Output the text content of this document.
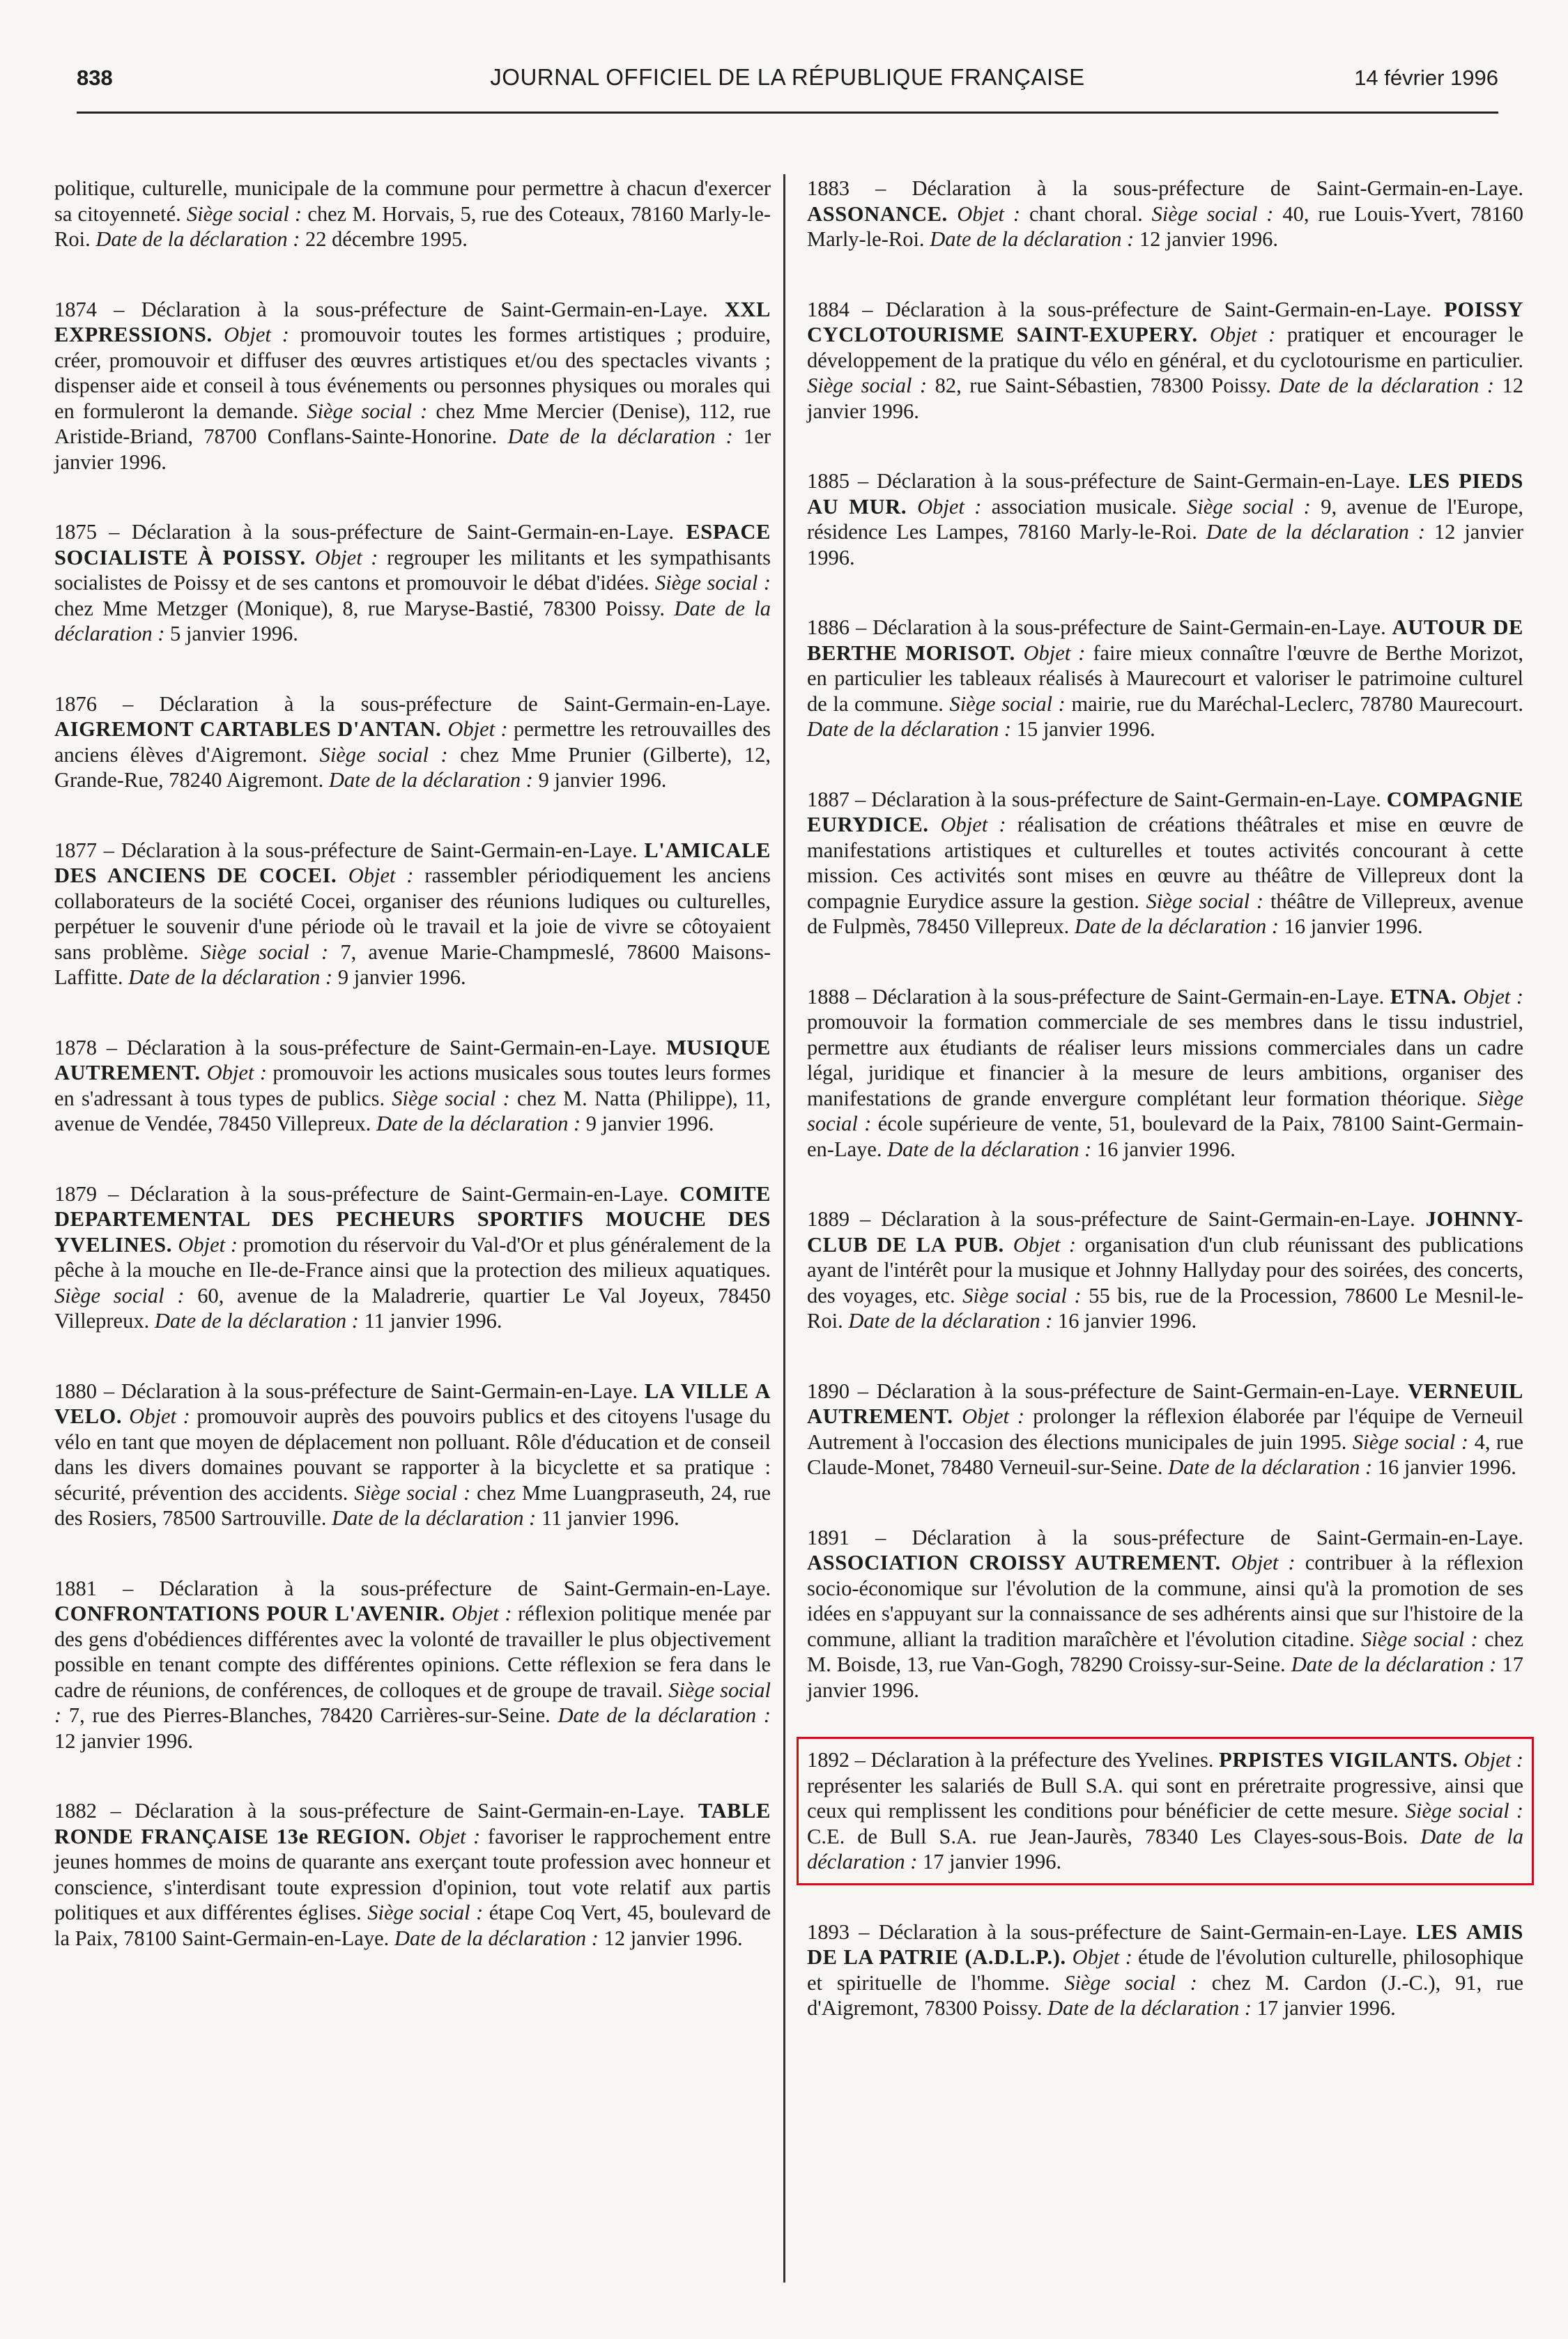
838	JOURNAL OFFICIEL DE LA RÉPUBLIQUE FRANÇAISE	14 février 1996

politique, culturelle, municipale de la commune pour permettre à chacun d'exercer sa citoyenneté. Siège social : chez M. Horvais, 5, rue des Coteaux, 78160 Marly-le-Roi. Date de la déclaration : 22 décembre 1995.

1874 – Déclaration à la sous-préfecture de Saint-Germain-en-Laye. XXL EXPRESSIONS. Objet : promouvoir toutes les formes artistiques ; produire, créer, promouvoir et diffuser des œuvres artistiques et/ou des spectacles vivants ; dispenser aide et conseil à tous événements ou personnes physiques ou morales qui en formuleront la demande. Siège social : chez Mme Mercier (Denise), 112, rue Aristide-Briand, 78700 Conflans-Sainte-Honorine. Date de la déclaration : 1er janvier 1996.

1875 – Déclaration à la sous-préfecture de Saint-Germain-en-Laye. ESPACE SOCIALISTE À POISSY. Objet : regrouper les militants et les sympathisants socialistes de Poissy et de ses cantons et promouvoir le débat d'idées. Siège social : chez Mme Metzger (Monique), 8, rue Maryse-Bastié, 78300 Poissy. Date de la déclaration : 5 janvier 1996.

1876 – Déclaration à la sous-préfecture de Saint-Germain-en-Laye. AIGREMONT CARTABLES D'ANTAN. Objet : permettre les retrouvailles des anciens élèves d'Aigremont. Siège social : chez Mme Prunier (Gilberte), 12, Grande-Rue, 78240 Aigremont. Date de la déclaration : 9 janvier 1996.

1877 – Déclaration à la sous-préfecture de Saint-Germain-en-Laye. L'AMICALE DES ANCIENS DE COCEI. Objet : rassembler périodiquement les anciens collaborateurs de la société Cocei, organiser des réunions ludiques ou culturelles, perpétuer le souvenir d'une période où le travail et la joie de vivre se côtoyaient sans problème. Siège social : 7, avenue Marie-Champmeslé, 78600 Maisons-Laffitte. Date de la déclaration : 9 janvier 1996.

1878 – Déclaration à la sous-préfecture de Saint-Germain-en-Laye. MUSIQUE AUTREMENT. Objet : promouvoir les actions musicales sous toutes leurs formes en s'adressant à tous types de publics. Siège social : chez M. Natta (Philippe), 11, avenue de Vendée, 78450 Villepreux. Date de la déclaration : 9 janvier 1996.

1879 – Déclaration à la sous-préfecture de Saint-Germain-en-Laye. COMITE DEPARTEMENTAL DES PECHEURS SPORTIFS MOUCHE DES YVELINES. Objet : promotion du réservoir du Val-d'Or et plus généralement de la pêche à la mouche en Ile-de-France ainsi que la protection des milieux aquatiques. Siège social : 60, avenue de la Maladrerie, quartier Le Val Joyeux, 78450 Villepreux. Date de la déclaration : 11 janvier 1996.

1880 – Déclaration à la sous-préfecture de Saint-Germain-en-Laye. LA VILLE A VELO. Objet : promouvoir auprès des pouvoirs publics et des citoyens l'usage du vélo en tant que moyen de déplacement non polluant. Rôle d'éducation et de conseil dans les divers domaines pouvant se rapporter à la bicyclette et sa pratique : sécurité, prévention des accidents. Siège social : chez Mme Luangpraseuth, 24, rue des Rosiers, 78500 Sartrouville. Date de la déclaration : 11 janvier 1996.

1881 – Déclaration à la sous-préfecture de Saint-Germain-en-Laye. CONFRONTATIONS POUR L'AVENIR. Objet : réflexion politique menée par des gens d'obédiences différentes avec la volonté de travailler le plus objectivement possible en tenant compte des différentes opinions. Cette réflexion se fera dans le cadre de réunions, de conférences, de colloques et de groupe de travail. Siège social : 7, rue des Pierres-Blanches, 78420 Carrières-sur-Seine. Date de la déclaration : 12 janvier 1996.

1882 – Déclaration à la sous-préfecture de Saint-Germain-en-Laye. TABLE RONDE FRANÇAISE 13e REGION. Objet : favoriser le rapprochement entre jeunes hommes de moins de quarante ans exerçant toute profession avec honneur et conscience, s'interdisant toute expression d'opinion, tout vote relatif aux partis politiques et aux différentes églises. Siège social : étape Coq Vert, 45, boulevard de la Paix, 78100 Saint-Germain-en-Laye. Date de la déclaration : 12 janvier 1996.

1883 – Déclaration à la sous-préfecture de Saint-Germain-en-Laye. ASSONANCE. Objet : chant choral. Siège social : 40, rue Louis-Yvert, 78160 Marly-le-Roi. Date de la déclaration : 12 janvier 1996.

1884 – Déclaration à la sous-préfecture de Saint-Germain-en-Laye. POISSY CYCLOTOURISME SAINT-EXUPERY. Objet : pratiquer et encourager le développement de la pratique du vélo en général, et du cyclotourisme en particulier. Siège social : 82, rue Saint-Sébastien, 78300 Poissy. Date de la déclaration : 12 janvier 1996.

1885 – Déclaration à la sous-préfecture de Saint-Germain-en-Laye. LES PIEDS AU MUR. Objet : association musicale. Siège social : 9, avenue de l'Europe, résidence Les Lampes, 78160 Marly-le-Roi. Date de la déclaration : 12 janvier 1996.

1886 – Déclaration à la sous-préfecture de Saint-Germain-en-Laye. AUTOUR DE BERTHE MORISOT. Objet : faire mieux connaître l'œuvre de Berthe Morizot, en particulier les tableaux réalisés à Maurecourt et valoriser le patrimoine culturel de la commune. Siège social : mairie, rue du Maréchal-Leclerc, 78780 Maurecourt. Date de la déclaration : 15 janvier 1996.

1887 – Déclaration à la sous-préfecture de Saint-Germain-en-Laye. COMPAGNIE EURYDICE. Objet : réalisation de créations théâtrales et mise en œuvre de manifestations artistiques et culturelles et toutes activités concourant à cette mission. Ces activités sont mises en œuvre au théâtre de Villepreux dont la compagnie Eurydice assure la gestion. Siège social : théâtre de Villepreux, avenue de Fulpmès, 78450 Villepreux. Date de la déclaration : 16 janvier 1996.

1888 – Déclaration à la sous-préfecture de Saint-Germain-en-Laye. ETNA. Objet : promouvoir la formation commerciale de ses membres dans le tissu industriel, permettre aux étudiants de réaliser leurs missions commerciales dans un cadre légal, juridique et financier à la mesure de leurs ambitions, organiser des manifestations de grande envergure complétant leur formation théorique. Siège social : école supérieure de vente, 51, boulevard de la Paix, 78100 Saint-Germain-en-Laye. Date de la déclaration : 16 janvier 1996.

1889 – Déclaration à la sous-préfecture de Saint-Germain-en-Laye. JOHNNY-CLUB DE LA PUB. Objet : organisation d'un club réunissant des publications ayant de l'intérêt pour la musique et Johnny Hallyday pour des soirées, des concerts, des voyages, etc. Siège social : 55 bis, rue de la Procession, 78600 Le Mesnil-le-Roi. Date de la déclaration : 16 janvier 1996.

1890 – Déclaration à la sous-préfecture de Saint-Germain-en-Laye. VERNEUIL AUTREMENT. Objet : prolonger la réflexion élaborée par l'équipe de Verneuil Autrement à l'occasion des élections municipales de juin 1995. Siège social : 4, rue Claude-Monet, 78480 Verneuil-sur-Seine. Date de la déclaration : 16 janvier 1996.

1891 – Déclaration à la sous-préfecture de Saint-Germain-en-Laye. ASSOCIATION CROISSY AUTREMENT. Objet : contribuer à la réflexion socio-économique sur l'évolution de la commune, ainsi qu'à la promotion de ses idées en s'appuyant sur la connaissance de ses adhérents ainsi que sur l'histoire de la commune, alliant la tradition maraîchère et l'évolution citadine. Siège social : chez M. Boisde, 13, rue Van-Gogh, 78290 Croissy-sur-Seine. Date de la déclaration : 17 janvier 1996.

1892 – Déclaration à la préfecture des Yvelines. PRPISTES VIGILANTS. Objet : représenter les salariés de Bull S.A. qui sont en préretraite progressive, ainsi que ceux qui remplissent les conditions pour bénéficier de cette mesure. Siège social : C.E. de Bull S.A. rue Jean-Jaurès, 78340 Les Clayes-sous-Bois. Date de la déclaration : 17 janvier 1996.

1893 – Déclaration à la sous-préfecture de Saint-Germain-en-Laye. LES AMIS DE LA PATRIE (A.D.L.P.). Objet : étude de l'évolution culturelle, philosophique et spirituelle de l'homme. Siège social : chez M. Cardon (J.-C.), 91, rue d'Aigremont, 78300 Poissy. Date de la déclaration : 17 janvier 1996.
